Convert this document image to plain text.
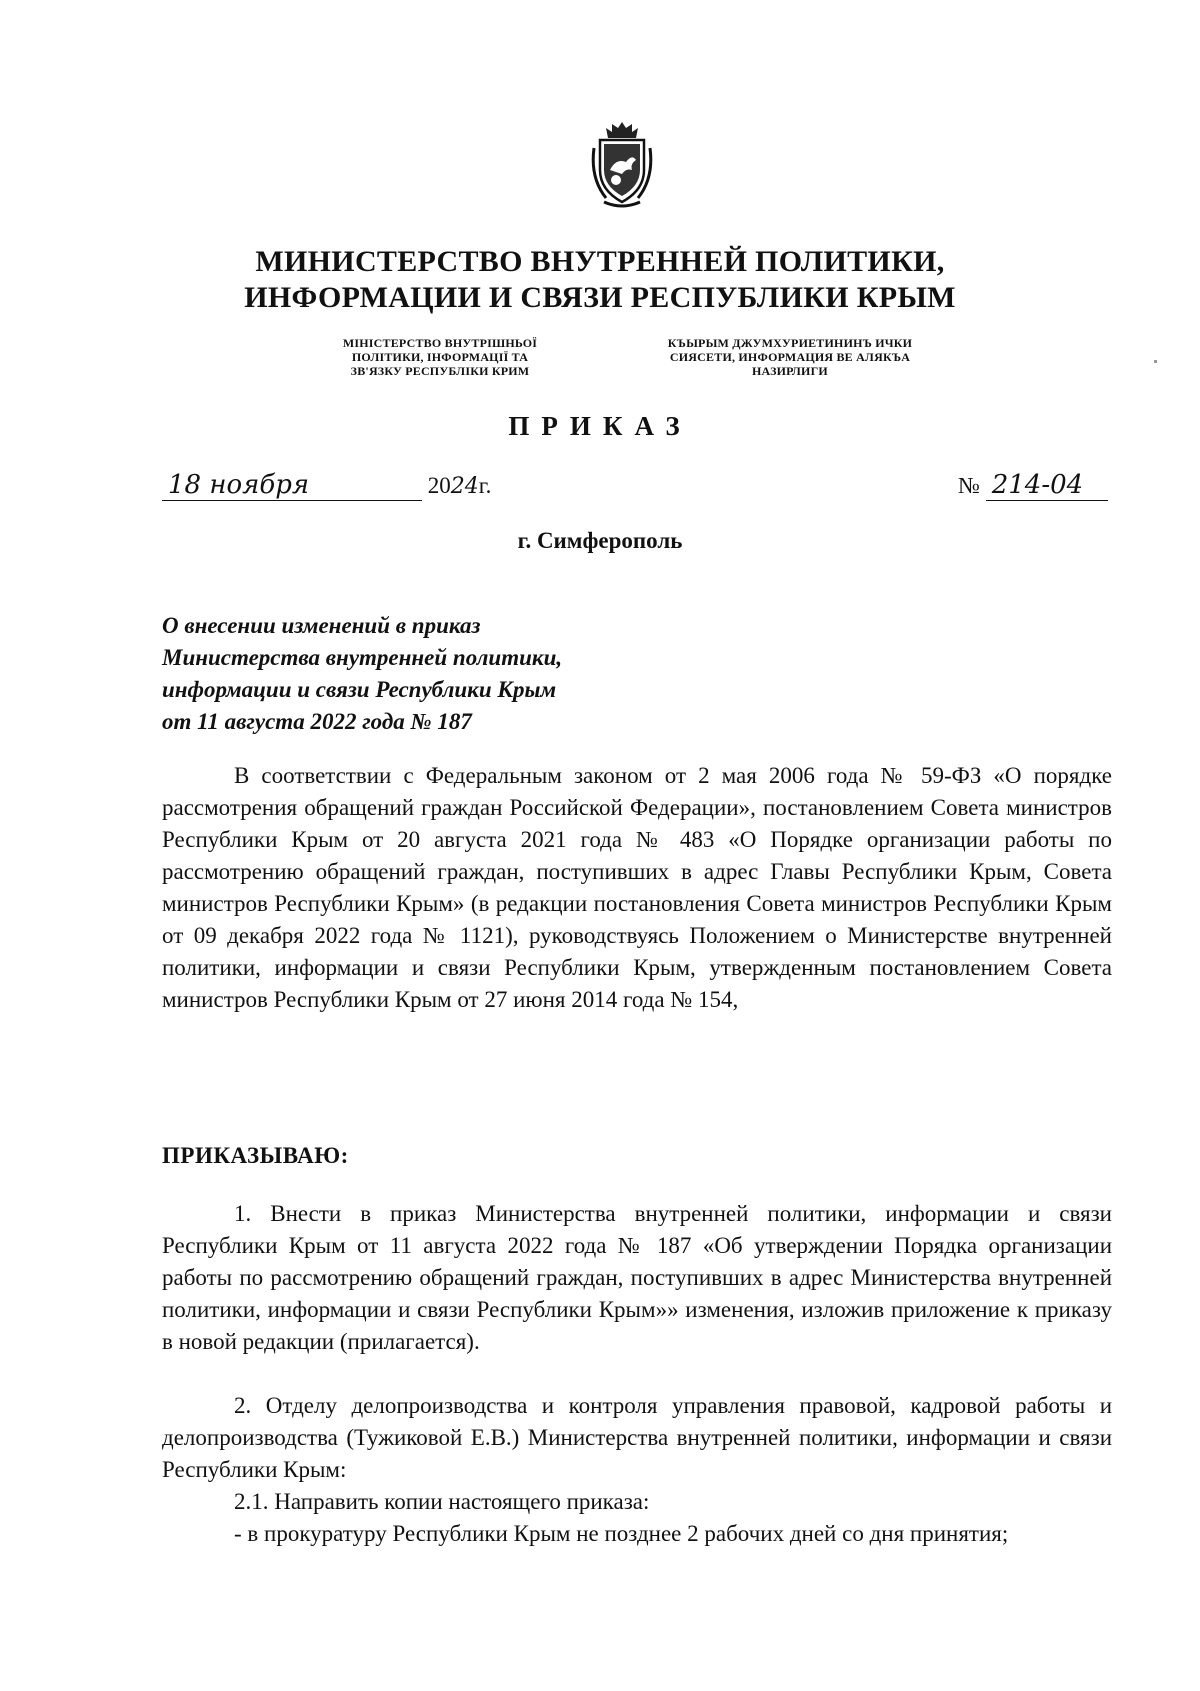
МИНИСТЕРСТВО ВНУТРЕННЕЙ ПОЛИТИКИ,
ИНФОРМАЦИИ И СВЯЗИ РЕСПУБЛИКИ КРЫМ
МІНІСТЕРСТВО ВНУТРІШНЬОЇ
ПОЛІТИКИ, ІНФОРМАЦІЇ ТА
ЗВ'ЯЗКУ РЕСПУБЛІКИ КРИМ
КЪЫРЫМ ДЖУМХУРИЕТИНИНЪ ИЧКИ
СИЯСЕТИ, ИНФОРМАЦИЯ ВЕ АЛЯКЪА
НАЗИРЛИГИ
ПРИКАЗ
18 ноября	2024г.	№ 214-04
г. Симферополь
О внесении изменений в приказ
Министерства внутренней политики,
информации и связи Республики Крым
от 11 августа 2022 года № 187
В соответствии с Федеральным законом от 2 мая 2006 года № 59-ФЗ «О порядке рассмотрения обращений граждан Российской Федерации», постановлением Совета министров Республики Крым от 20 августа 2021 года № 483 «О Порядке организации работы по рассмотрению обращений граждан, поступивших в адрес Главы Республики Крым, Совета министров Республики Крым» (в редакции постановления Совета министров Республики Крым от 09 декабря 2022 года № 1121), руководствуясь Положением о Министерстве внутренней политики, информации и связи Республики Крым, утвержденным постановлением Совета министров Республики Крым от 27 июня 2014 года № 154,
ПРИКАЗЫВАЮ:
1. Внести в приказ Министерства внутренней политики, информации и связи Республики Крым от 11 августа 2022 года № 187 «Об утверждении Порядка организации работы по рассмотрению обращений граждан, поступивших в адрес Министерства внутренней политики, информации и связи Республики Крым»» изменения, изложив приложение к приказу в новой редакции (прилагается).
2. Отделу делопроизводства и контроля управления правовой, кадровой работы и делопроизводства (Тужиковой Е.В.) Министерства внутренней политики, информации и связи Республики Крым:
2.1. Направить копии настоящего приказа:
- в прокуратуру Республики Крым не позднее 2 рабочих дней со дня принятия;
